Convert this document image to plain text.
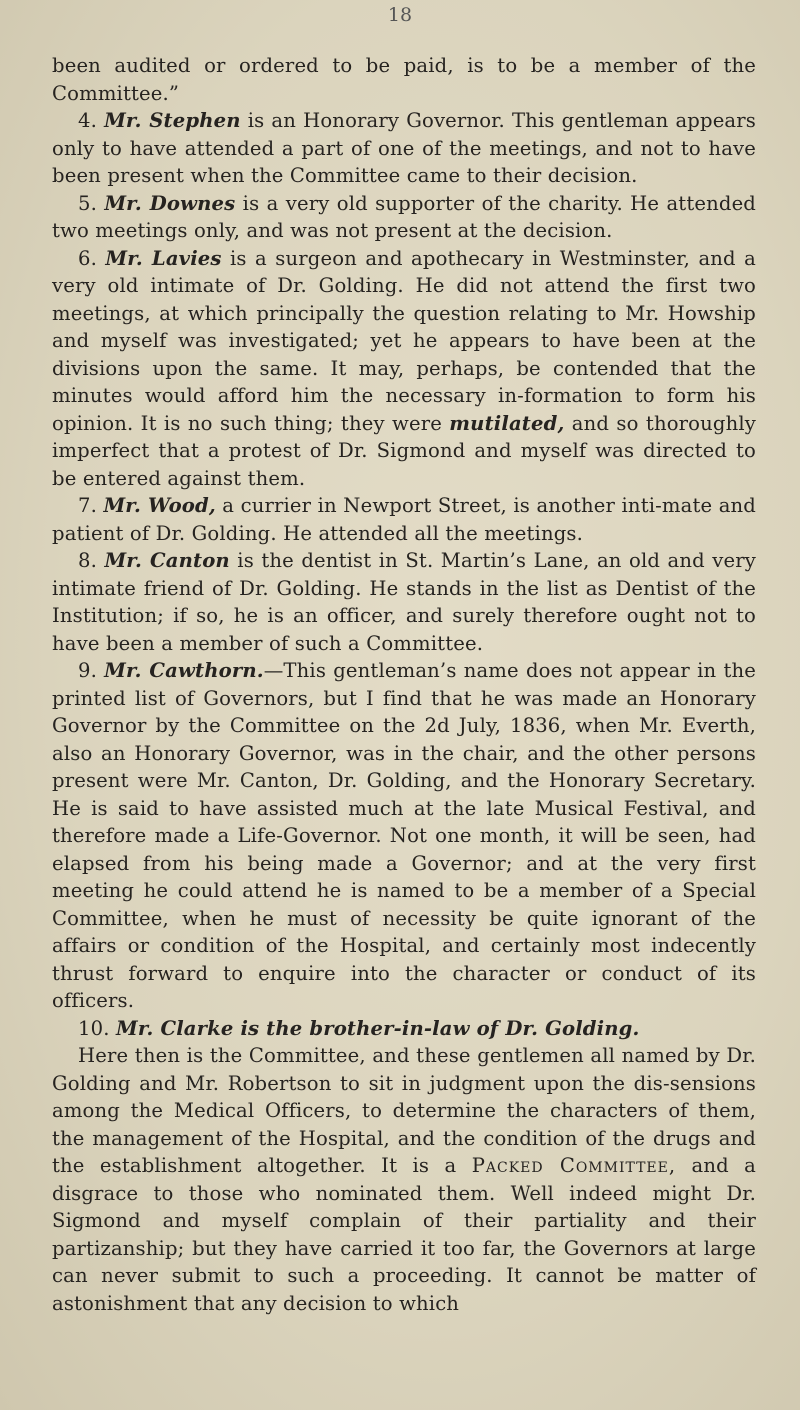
18

been audited or ordered to be paid, is to be a member of the Committee.”

4. Mr. Stephen is an Honorary Governor. This gentleman appears only to have attended a part of one of the meetings, and not to have been present when the Committee came to their decision.

5. Mr. Downes is a very old supporter of the charity. He attended two meetings only, and was not present at the decision.

6. Mr. Lavies is a surgeon and apothecary in Westminster, and a very old intimate of Dr. Golding. He did not attend the first two meetings, at which principally the question relating to Mr. Howship and myself was investigated; yet he appears to have been at the divisions upon the same. It may, perhaps, be contended that the minutes would afford him the necessary in-formation to form his opinion. It is no such thing; they were mutilated, and so thoroughly imperfect that a protest of Dr. Sigmond and myself was directed to be entered against them.

7. Mr. Wood, a currier in Newport Street, is another inti-mate and patient of Dr. Golding. He attended all the meetings.

8. Mr. Canton is the dentist in St. Martin’s Lane, an old and very intimate friend of Dr. Golding. He stands in the list as Dentist of the Institution; if so, he is an officer, and surely therefore ought not to have been a member of such a Committee.

9. Mr. Cawthorn.—This gentleman’s name does not appear in the printed list of Governors, but I find that he was made an Honorary Governor by the Committee on the 2d July, 1836, when Mr. Everth, also an Honorary Governor, was in the chair, and the other persons present were Mr. Canton, Dr. Golding, and the Honorary Secretary. He is said to have assisted much at the late Musical Festival, and therefore made a Life-Governor. Not one month, it will be seen, had elapsed from his being made a Governor; and at the very first meeting he could attend he is named to be a member of a Special Committee, when he must of necessity be quite ignorant of the affairs or condition of the Hospital, and certainly most indecently thrust forward to enquire into the character or conduct of its officers.

10. Mr. Clarke is the brother-in-law of Dr. Golding.

Here then is the Committee, and these gentlemen all named by Dr. Golding and Mr. Robertson to sit in judgment upon the dis-sensions among the Medical Officers, to determine the characters of them, the management of the Hospital, and the condition of the drugs and the establishment altogether. It is a Packed Committee, and a disgrace to those who nominated them. Well indeed might Dr. Sigmond and myself complain of their partiality and their partizanship; but they have carried it too far, the Governors at large can never submit to such a proceeding. It cannot be matter of astonishment that any decision to which
